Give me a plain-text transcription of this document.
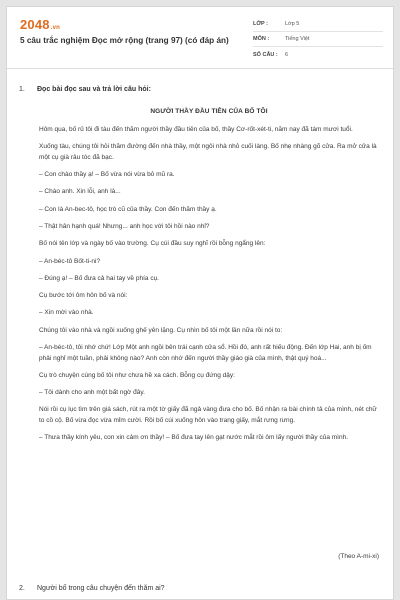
2048.vn
5 câu trắc nghiệm Đọc mở rộng (trang 97) (có đáp án)
LỚP :	Lớp 5
MÔN :	Tiếng Việt
SỐ CÂU :	6
1.	Đọc bài đọc sau và trả lời câu hỏi:
NGƯỜI THẦY ĐẦU TIÊN CỦA BỐ TÔI

Hôm qua, bố rủ tôi đi tàu đến thăm người thầy đầu tiên của bố, thầy Cơ-rốt-xét-ti, năm nay đã tám mươi tuổi.

Xuống tàu, chúng tôi hỏi thăm đường đến nhà thầy, một ngôi nhà nhỏ cuối làng. Bố nhẹ nhàng gõ cửa. Ra mở cửa là một cụ già râu tóc đã bạc.

– Con chào thầy ạ! – Bố vừa nói vừa bỏ mũ ra.

– Chào anh. Xin lỗi, anh là...

– Con là An-bec-tô, học trò cũ của thầy. Con đến thăm thầy ạ.

– Thật hân hạnh quá! Nhưng... anh học với tôi hồi nào nhỉ?

Bố nói tên lớp và ngày bố vào trường. Cụ cúi đầu suy nghĩ rồi bỗng ngẩng lên:

– An-béc-tô Bốt-ti-ni?

– Đúng ạ! – Bố đưa cả hai tay về phía cụ.

Cụ bước tới ôm hôn bố và nói:

– Xin mời vào nhà.

Chúng tôi vào nhà và ngồi xuống ghế yên lặng. Cụ nhìn bố tôi một lần nữa rồi nói to:

– An-béc-tô, tôi nhớ chứ! Lớp Một anh ngồi bên trái cạnh cửa sổ. Hồi đó, anh rất hiếu động. Đến lớp Hai, anh bị ốm phải nghỉ một tuần, phải không nào? Anh còn nhớ đến người thầy giáo già của mình, thật quý hoá...

Cụ trò chuyện cùng bố tôi như chưa hề xa cách. Bỗng cụ đứng dậy:

– Tôi dành cho anh một bất ngờ đây.

Nói rồi cụ lục tìm trên giá sách, rút ra một tờ giấy đã ngả vàng đưa cho bố. Bố nhận ra bài chính tả của mình, nét chữ to cồ cộ. Bố vừa đọc vừa mỉm cười. Rồi bố cúi xuống hôn vào trang giấy, mắt rưng rưng.

– Thưa thầy kính yêu, con xin cảm ơn thầy! – Bố đưa tay lên gạt nước mắt rồi ôm lấy người thầy của mình.

(Theo A-mi-xi)
2.	Người bố trong câu chuyện đến thăm ai?
